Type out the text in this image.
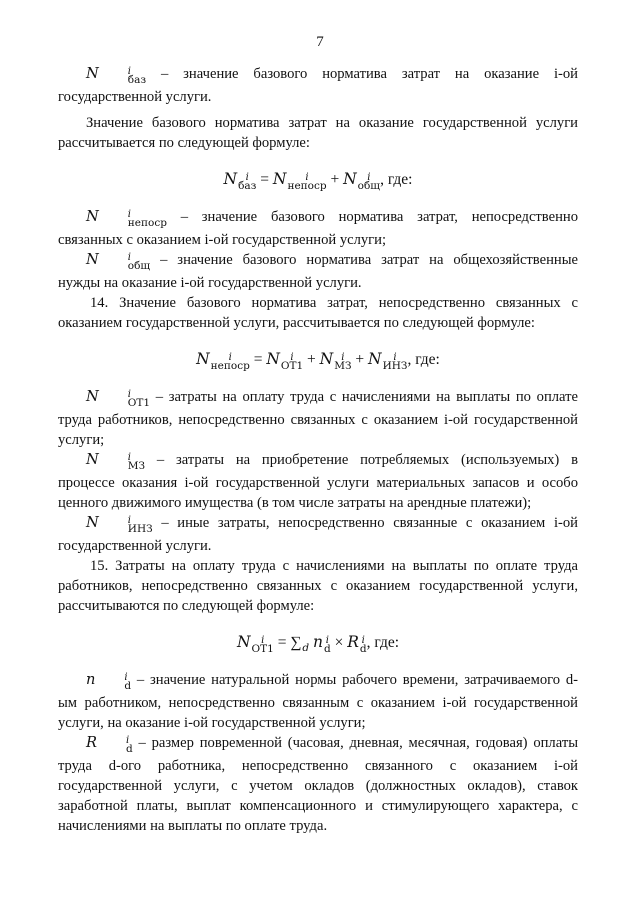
7

N	i
баз – значение базового норматива затрат на оказание i-ой государственной услуги.

Значение базового норматива затрат на оказание государственной услуги рассчитывается по следующей формуле:

N i
баз = N	i
непоср + N	i
общ , где:

N	i
непоср – значение базового норматива затрат, непосредственно связанных с оказанием i-ой государственной услуги;

N	i
общ – значение базового норматива затрат на общехозяйственные нужды на оказание i-ой государственной услуги.

14. Значение базового норматива затрат, непосредственно связанных с оказанием государственной услуги, рассчитывается по следующей формуле:

N	i
непоср = N	i
ОТ1 + N i
МЗ + N	i
ИНЗ , где:

N	i
ОТ1 – затраты на оплату труда с начислениями на выплаты по оплате труда работников, непосредственно связанных с оказанием i-ой государственной услуги;

N	i
МЗ – затраты на приобретение потребляемых (используемых) в процессе оказания i-ой государственной услуги материальных запасов и особо ценного движимого имущества (в том числе затраты на арендные платежи);

N	i
ИНЗ – иные затраты, непосредственно связанные с оказанием i-ой государственной услуги.

15. Затраты на оплату труда с начислениями на выплаты по оплате труда работников, непосредственно связанных с оказанием государственной услуги, рассчитываются по следующей формуле:

N	i
ОТ1 = ∑ d n i
d × R i
d , где:

n	i
d – значение натуральной нормы рабочего времени, затрачиваемого d-ым работником, непосредственно связанным с оказанием i-ой государственной услуги, на оказание i-ой государственной услуги;

R	i
d – размер повременной (часовая, дневная, месячная, годовая) оплаты труда d-ого работника, непосредственно связанного с оказанием i-ой государственной услуги, с учетом окладов (должностных окладов), ставок заработной платы, выплат компенсационного и стимулирующего характера, с начислениями на выплаты по оплате труда.
